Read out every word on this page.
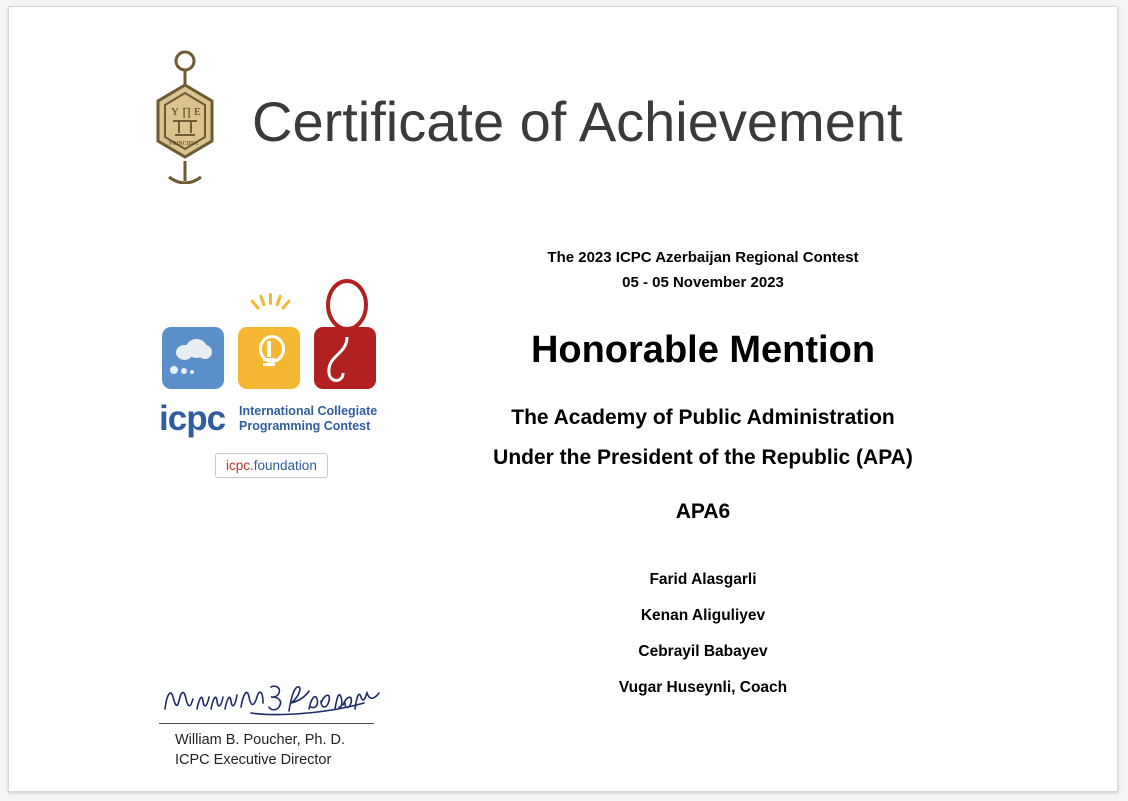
Y ∏ E
PRINCIPIA Certificate of Achievement
icpc International Collegiate
Programming Contest
icpc.foundation
The 2023 ICPC Azerbaijan Regional Contest
05 - 05 November 2023
Honorable Mention
The Academy of Public Administration
Under the President of the Republic (APA)
APA6
Farid Alasgarli
Kenan Aliguliyev
Cebrayil Babayev
Vugar Huseynli, Coach
William B. Poucher, Ph. D.
ICPC Executive Director
